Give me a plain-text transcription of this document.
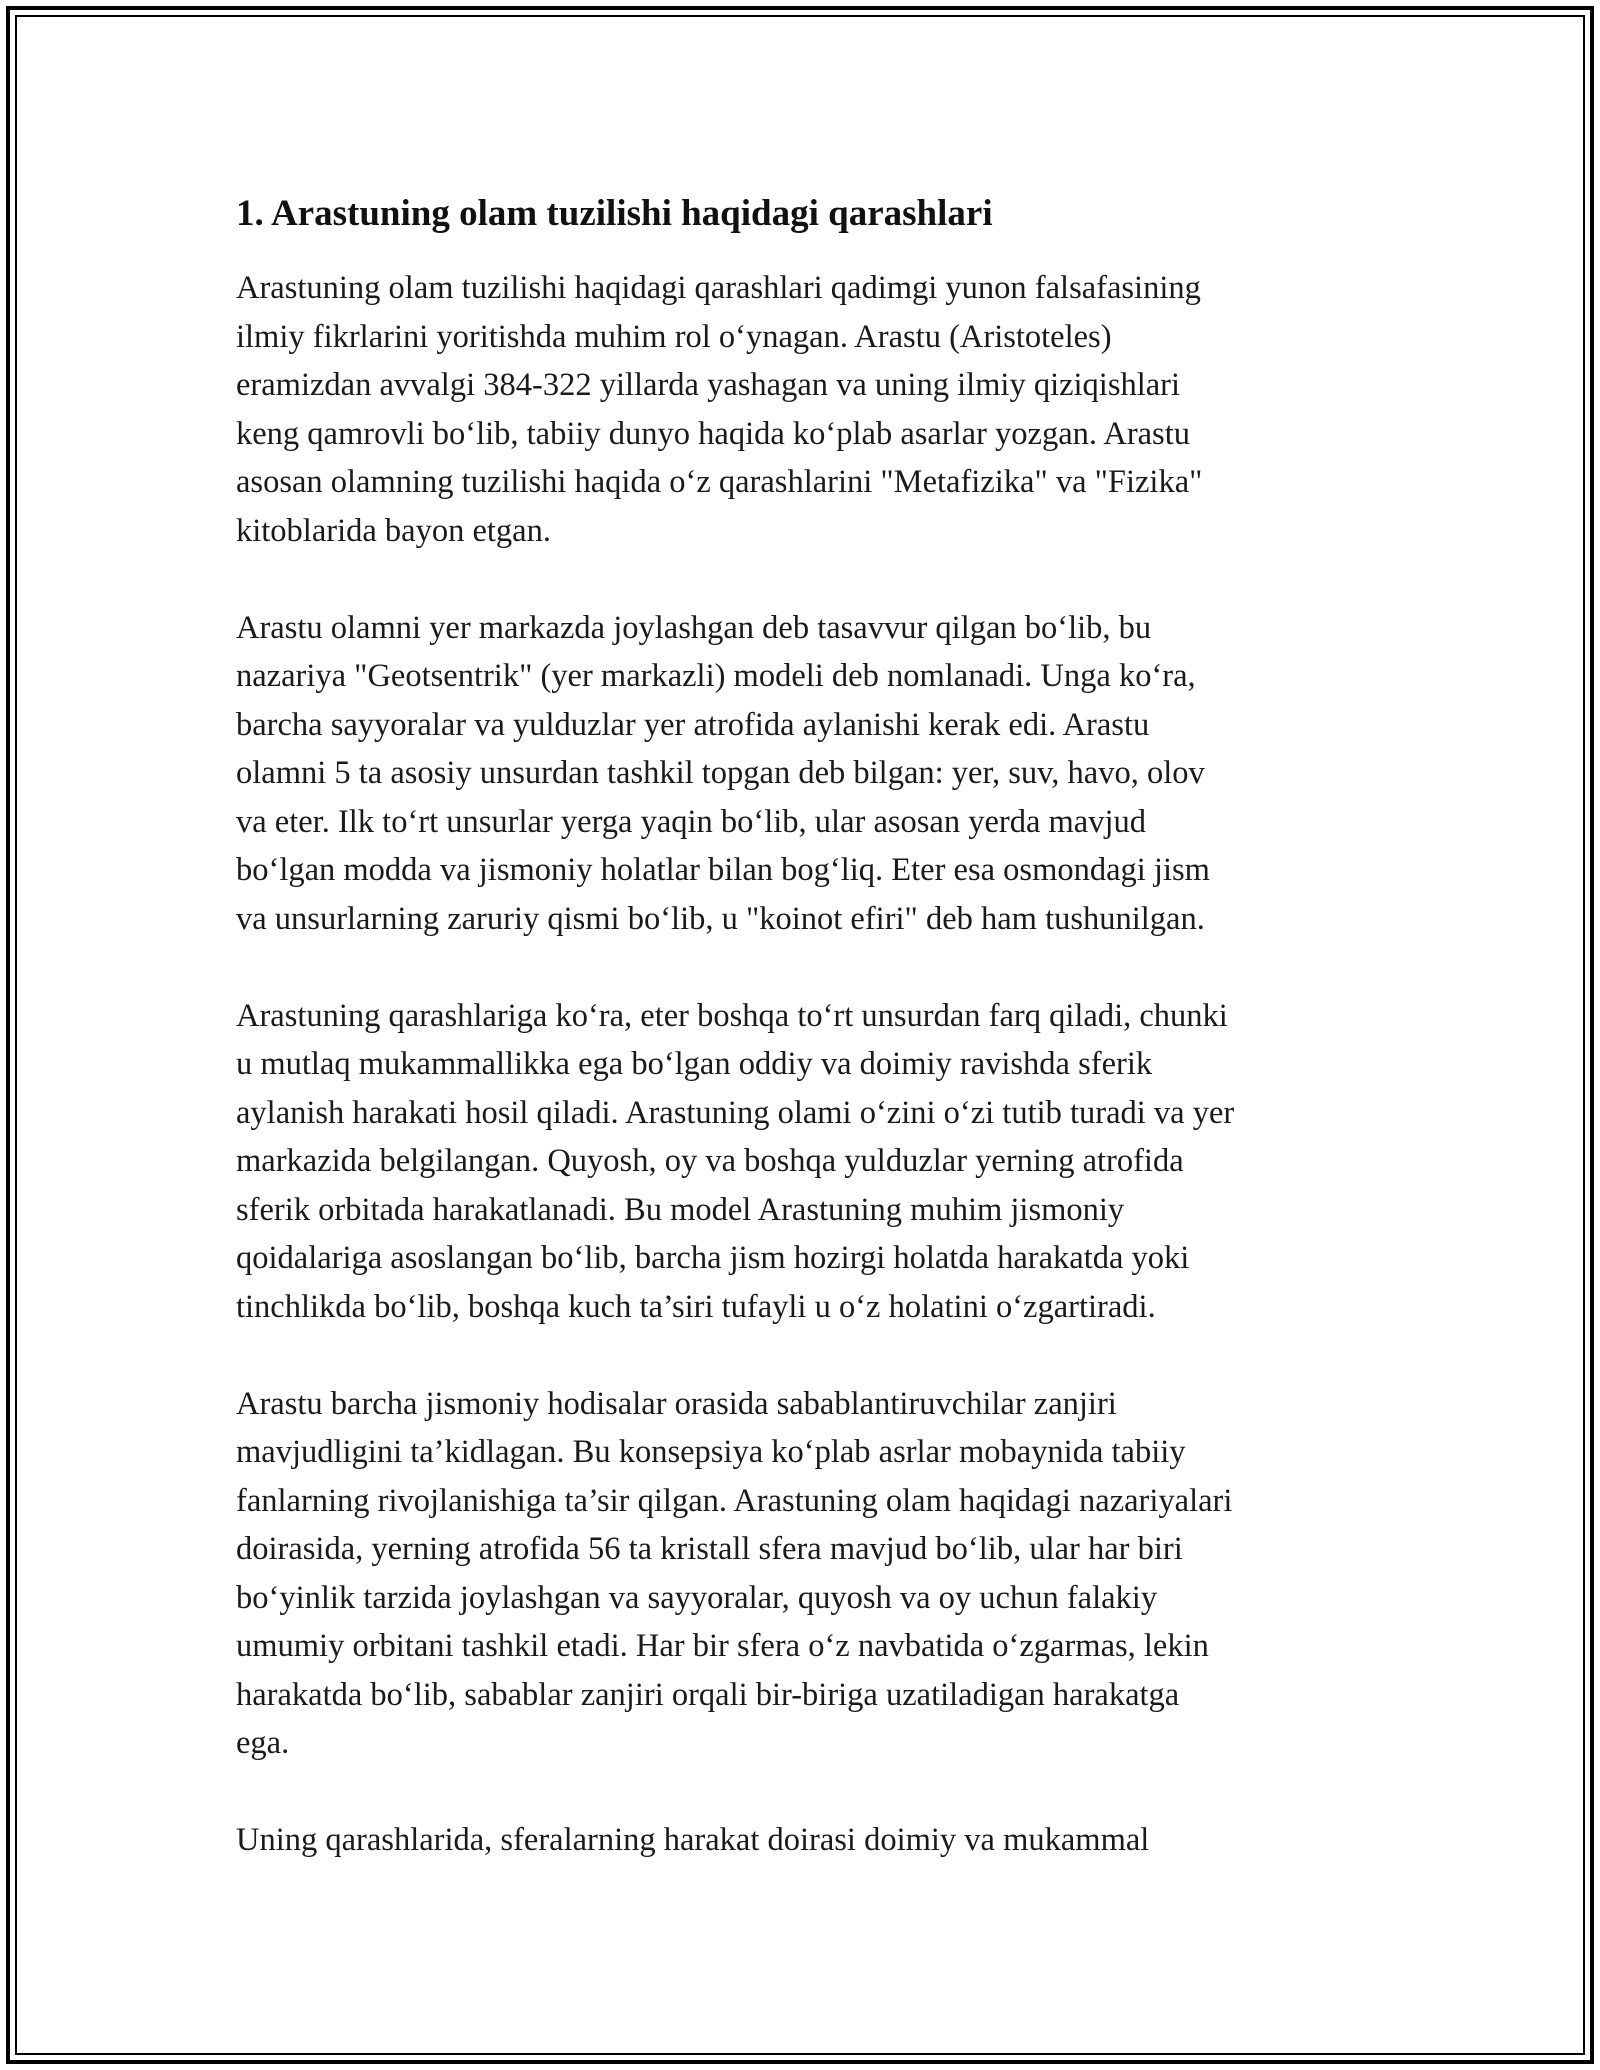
1. Arastuning olam tuzilishi haqidagi qarashlari
Arastuning olam tuzilishi haqidagi qarashlari qadimgi yunon falsafasining
ilmiy fikrlarini yoritishda muhim rol o‘ynagan. Arastu (Aristoteles)
eramizdan avvalgi 384-322 yillarda yashagan va uning ilmiy qiziqishlari
keng qamrovli bo‘lib, tabiiy dunyo haqida ko‘plab asarlar yozgan. Arastu
asosan olamning tuzilishi haqida o‘z qarashlarini "Metafizika" va "Fizika"
kitoblarida bayon etgan.
Arastu olamni yer markazda joylashgan deb tasavvur qilgan bo‘lib, bu
nazariya "Geotsentrik" (yer markazli) modeli deb nomlanadi. Unga ko‘ra,
barcha sayyoralar va yulduzlar yer atrofida aylanishi kerak edi. Arastu
olamni 5 ta asosiy unsurdan tashkil topgan deb bilgan: yer, suv, havo, olov
va eter. Ilk to‘rt unsurlar yerga yaqin bo‘lib, ular asosan yerda mavjud
bo‘lgan modda va jismoniy holatlar bilan bog‘liq. Eter esa osmondagi jism
va unsurlarning zaruriy qismi bo‘lib, u "koinot efiri" deb ham tushunilgan.
Arastuning qarashlariga ko‘ra, eter boshqa to‘rt unsurdan farq qiladi, chunki
u mutlaq mukammallikka ega bo‘lgan oddiy va doimiy ravishda sferik
aylanish harakati hosil qiladi. Arastuning olami o‘zini o‘zi tutib turadi va yer
markazida belgilangan. Quyosh, oy va boshqa yulduzlar yerning atrofida
sferik orbitada harakatlanadi. Bu model Arastuning muhim jismoniy
qoidalariga asoslangan bo‘lib, barcha jism hozirgi holatda harakatda yoki
tinchlikda bo‘lib, boshqa kuch ta’siri tufayli u o‘z holatini o‘zgartiradi.
Arastu barcha jismoniy hodisalar orasida sabablantiruvchilar zanjiri
mavjudligini ta’kidlagan. Bu konsepsiya ko‘plab asrlar mobaynida tabiiy
fanlarning rivojlanishiga ta’sir qilgan. Arastuning olam haqidagi nazariyalari
doirasida, yerning atrofida 56 ta kristall sfera mavjud bo‘lib, ular har biri
bo‘yinlik tarzida joylashgan va sayyoralar, quyosh va oy uchun falakiy
umumiy orbitani tashkil etadi. Har bir sfera o‘z navbatida o‘zgarmas, lekin
harakatda bo‘lib, sabablar zanjiri orqali bir-biriga uzatiladigan harakatga
ega.
Uning qarashlarida, sferalarning harakat doirasi doimiy va mukammal
